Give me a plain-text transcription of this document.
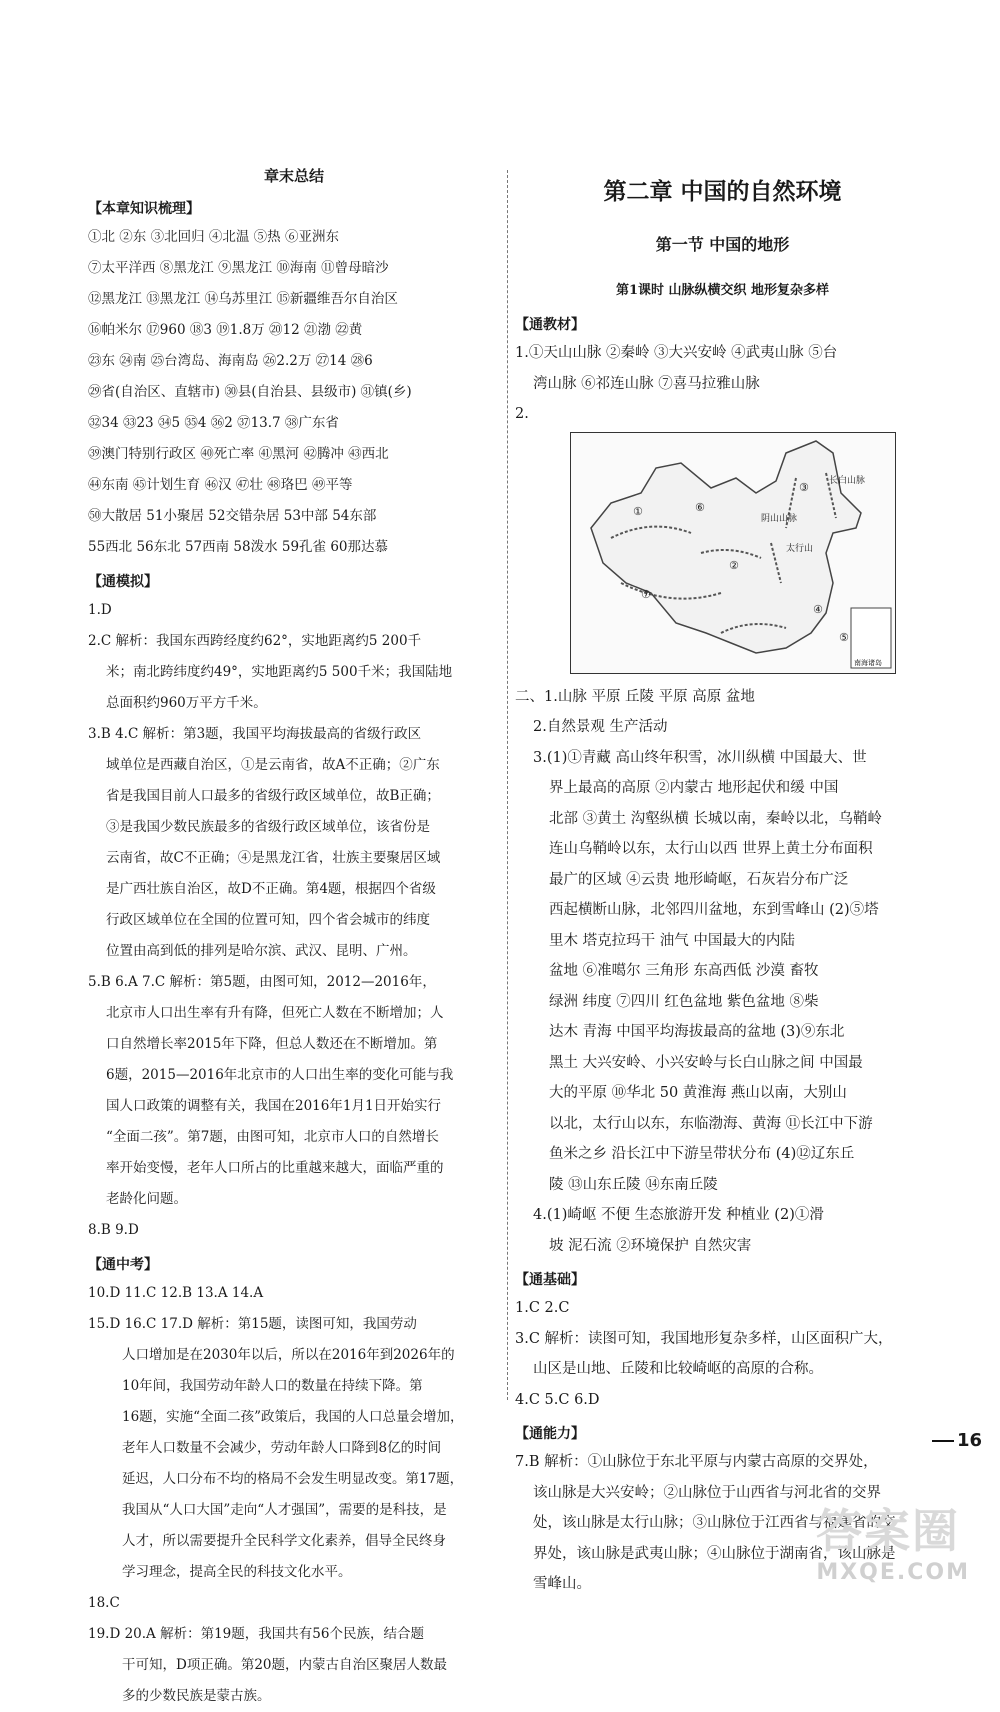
章末总结
【本章知识梳理】
①北 ②东 ③北回归 ④北温 ⑤热 ⑥亚洲东
⑦太平洋西 ⑧黑龙江 ⑨黑龙江 ⑩海南 ⑪曾母暗沙
⑫黑龙江 ⑬黑龙江 ⑭乌苏里江 ⑮新疆维吾尔自治区
⑯帕米尔 ⑰960 ⑱3 ⑲1.8万 ⑳12 ㉑渤 ㉒黄
㉓东 ㉔南 ㉕台湾岛、海南岛 ㉖2.2万 ㉗14 ㉘6
㉙省(自治区、直辖市) ㉚县(自治县、县级市) ㉛镇(乡)
㉜34 ㉝23 ㉞5 ㉟4 ㊱2 ㊲13.7 ㊳广东省
㊴澳门特别行政区 ㊵死亡率 ㊶黑河 ㊷腾冲 ㊸西北
㊹东南 ㊺计划生育 ㊻汉 ㊼壮 ㊽珞巴 ㊾平等
㊿大散居 51小聚居 52交错杂居 53中部 54东部
55西北 56东北 57西南 58泼水 59孔雀 60那达慕
【通模拟】
1.D
2.C 解析：我国东西跨经度约62°，实地距离约5 200千
米；南北跨纬度约49°，实地距离约5 500千米；我国陆地
总面积约960万平方千米。
3.B 4.C 解析：第3题，我国平均海拔最高的省级行政区
域单位是西藏自治区，①是云南省，故A不正确；②广东
省是我国目前人口最多的省级行政区域单位，故B正确；
③是我国少数民族最多的省级行政区域单位，该省份是
云南省，故C不正确；④是黑龙江省，壮族主要聚居区域
是广西壮族自治区，故D不正确。第4题，根据四个省级
行政区域单位在全国的位置可知，四个省会城市的纬度
位置由高到低的排列是哈尔滨、武汉、昆明、广州。
5.B 6.A 7.C 解析：第5题，由图可知，2012—2016年，
北京市人口出生率有升有降，但死亡人数在不断增加；人
口自然增长率2015年下降，但总人数还在不断增加。第
6题，2015—2016年北京市的人口出生率的变化可能与我
国人口政策的调整有关，我国在2016年1月1日开始实行
“全面二孩”。第7题，由图可知，北京市人口的自然增长
率开始变慢，老年人口所占的比重越来越大，面临严重的
老龄化问题。
8.B 9.D
【通中考】
10.D 11.C 12.B 13.A 14.A
15.D 16.C 17.D 解析：第15题，读图可知，我国劳动
人口增加是在2030年以后，所以在2016年到2026年的
10年间，我国劳动年龄人口的数量在持续下降。第
16题，实施“全面二孩”政策后，我国的人口总量会增加，
老年人口数量不会减少，劳动年龄人口降到8亿的时间
延迟，人口分布不均的格局不会发生明显改变。第17题，
我国从“人口大国”走向“人才强国”，需要的是科技，是
人才，所以需要提升全民科学文化素养，倡导全民终身
学习理念，提高全民的科技文化水平。
18.C
19.D 20.A 解析：第19题，我国共有56个民族，结合题
干可知，D项正确。第20题，内蒙古自治区聚居人数最
多的少数民族是蒙古族。
第二章 中国的自然环境
第一节 中国的地形
第1课时 山脉纵横交织 地形复杂多样
【通教材】
1.①天山山脉 ②秦岭 ③大兴安岭 ④武夷山脉 ⑤台
湾山脉 ⑥祁连山脉 ⑦喜马拉雅山脉
2.
①	⑥
②
③
④
⑤
⑦
长白山脉
阴山山脉
太行山
南海诸岛
二、1.山脉 平原 丘陵 平原 高原 盆地
2.自然景观 生产活动
3.(1)①青藏 高山终年积雪，冰川纵横 中国最大、世
界上最高的高原 ②内蒙古 地形起伏和缓 中国
北部 ③黄土 沟壑纵横 长城以南，秦岭以北，乌鞘岭
连山乌鞘岭以东，太行山以西 世界上黄土分布面积
最广的区域 ④云贵 地形崎岖，石灰岩分布广泛
西起横断山脉，北邻四川盆地，东到雪峰山 (2)⑤塔
里木 塔克拉玛干 油气 中国最大的内陆
盆地 ⑥准噶尔 三角形 东高西低 沙漠 畜牧
绿洲 纬度 ⑦四川 红色盆地 紫色盆地 ⑧柴
达木 青海 中国平均海拔最高的盆地 (3)⑨东北
黑土 大兴安岭、小兴安岭与长白山脉之间 中国最
大的平原 ⑩华北 50 黄淮海 燕山以南，大别山
以北，太行山以东，东临渤海、黄海 ⑪长江中下游
鱼米之乡 沿长江中下游呈带状分布 (4)⑫辽东丘
陵 ⑬山东丘陵 ⑭东南丘陵
4.(1)崎岖 不便 生态旅游开发 种植业 (2)①滑
坡 泥石流 ②环境保护 自然灾害
【通基础】
1.C 2.C
3.C 解析：读图可知，我国地形复杂多样，山区面积广大，
山区是山地、丘陵和比较崎岖的高原的合称。
4.C 5.C 6.D
【通能力】
7.B 解析：①山脉位于东北平原与内蒙古高原的交界处，
该山脉是大兴安岭；②山脉位于山西省与河北省的交界
处，该山脉是太行山脉；③山脉位于江西省与福建省的交
界处，该山脉是武夷山脉；④山脉位于湖南省，该山脉是
雪峰山。
16
答案圈
MXQE.COM
